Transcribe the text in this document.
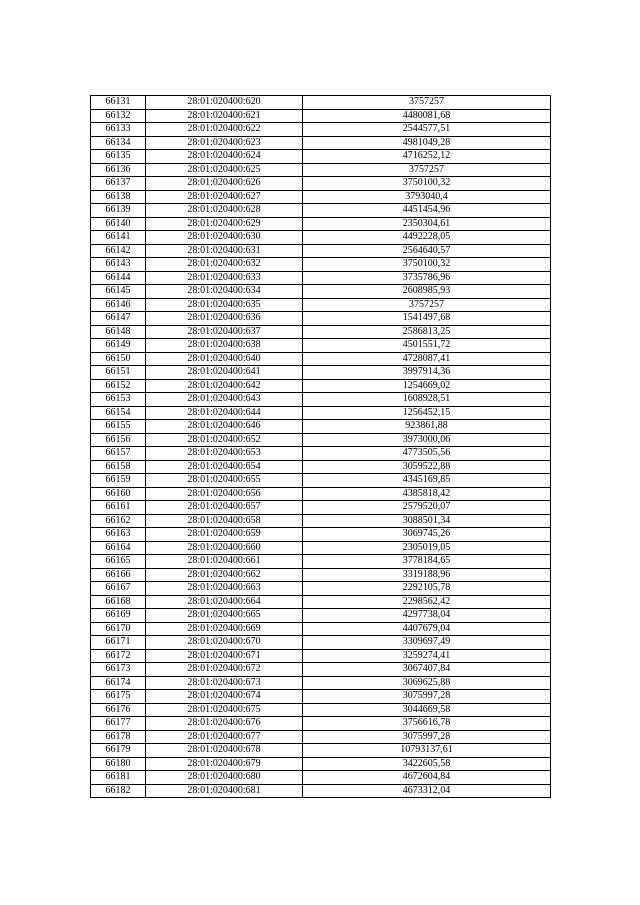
66131	28:01:020400:620	3757257
66132	28:01:020400:621	4480081,68
66133	28:01:020400:622	2544577,51
66134	28:01:020400:623	4981049,28
66135	28:01:020400:624	4716252,12
66136	28:01:020400:625	3757257
66137	28:01:020400:626	3750100,32
66138	28:01:020400:627	3793040,4
66139	28:01:020400:628	4451454,96
66140	28:01:020400:629	2350304,61
66141	28:01:020400:630	4492228,05
66142	28:01:020400:631	2564640,57
66143	28:01:020400:632	3750100,32
66144	28:01:020400:633	3735786,96
66145	28:01:020400:634	2608985,93
66146	28:01:020400:635	3757257
66147	28:01:020400:636	1541497,68
66148	28:01:020400:637	2586813,25
66149	28:01:020400:638	4501551,72
66150	28:01:020400:640	4728087,41
66151	28:01:020400:641	3997914,36
66152	28:01:020400:642	1254669,02
66153	28:01:020400:643	1608928,51
66154	28:01:020400:644	1256452,15
66155	28:01:020400:646	923861,88
66156	28:01:020400:652	3973000,06
66157	28:01:020400:653	4773505,56
66158	28:01:020400:654	3059522,88
66159	28:01:020400:655	4345169,85
66160	28:01:020400:656	4385818,42
66161	28:01:020400:657	2579520,07
66162	28:01:020400:658	3088501,34
66163	28:01:020400:659	3069745,26
66164	28:01:020400:660	2305019,05
66165	28:01:020400:661	3778184,65
66166	28:01:020400:662	3319188,96
66167	28:01:020400:663	2292105,78
66168	28:01:020400:664	2298562,42
66169	28:01:020400:665	4297738,04
66170	28:01:020400:669	4407679,04
66171	28:01:020400:670	3309697,49
66172	28:01:020400:671	3259274,41
66173	28:01:020400:672	3067407,84
66174	28:01:020400:673	3069625,88
66175	28:01:020400:674	3075997,28
66176	28:01:020400:675	3044669,58
66177	28:01:020400:676	3756616,78
66178	28:01:020400:677	3075997,28
66179	28:01:020400:678	10793137,61
66180	28:01:020400:679	3422605,58
66181	28:01:020400:680	4672604,84
66182	28:01:020400:681	4673312,04
